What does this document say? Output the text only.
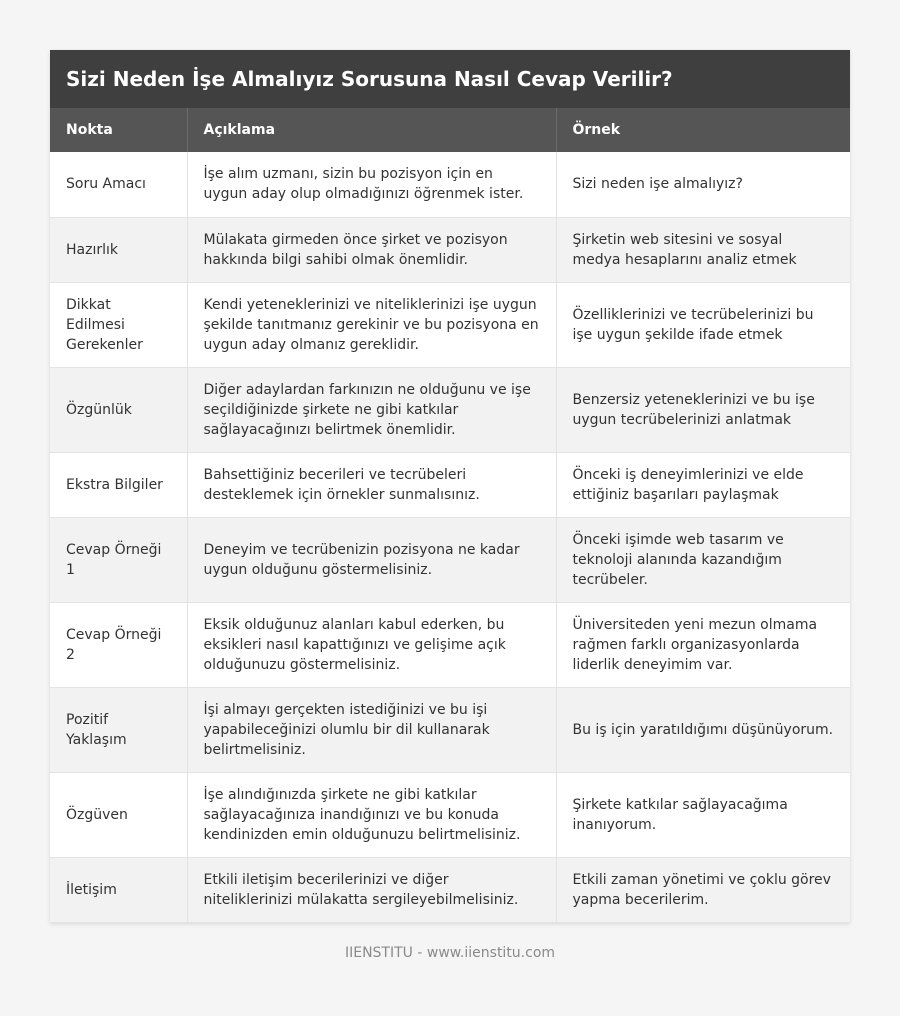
Sizi Neden İşe Almalıyız Sorusuna Nasıl Cevap Verilir?
Nokta	Açıklama	Örnek
Soru Amacı	İşe alım uzmanı, sizin bu pozisyon için en uygun aday olup olmadığınızı öğrenmek ister.	Sizi neden işe almalıyız?
Hazırlık	Mülakata girmeden önce şirket ve pozisyon hakkında bilgi sahibi olmak önemlidir.	Şirketin web sitesini ve sosyal medya hesaplarını analiz etmek
Dikkat Edilmesi Gerekenler	Kendi yeteneklerinizi ve niteliklerinizi işe uygun şekilde tanıtmanız gerekinir ve bu pozisyona en uygun aday olmanız gereklidir.	Özelliklerinizi ve tecrübelerinizi bu işe uygun şekilde ifade etmek
Özgünlük	Diğer adaylardan farkınızın ne olduğunu ve işe seçildiğinizde şirkete ne gibi katkılar sağlayacağınızı belirtmek önemlidir.	Benzersiz yeteneklerinizi ve bu işe uygun tecrübelerinizi anlatmak
Ekstra Bilgiler	Bahsettiğiniz becerileri ve tecrübeleri desteklemek için örnekler sunmalısınız.	Önceki iş deneyimlerinizi ve elde ettiğiniz başarıları paylaşmak
Cevap Örneği 1	Deneyim ve tecrübenizin pozisyona ne kadar uygun olduğunu göstermelisiniz.	Önceki işimde web tasarım ve teknoloji alanında kazandığım tecrübeler.
Cevap Örneği 2	Eksik olduğunuz alanları kabul ederken, bu eksikleri nasıl kapattığınızı ve gelişime açık olduğunuzu göstermelisiniz.	Üniversiteden yeni mezun olmama rağmen farklı organizasyonlarda liderlik deneyimim var.
Pozitif Yaklaşım	İşi almayı gerçekten istediğinizi ve bu işi yapabileceğinizi olumlu bir dil kullanarak belirtmelisiniz.	Bu iş için yaratıldığımı düşünüyorum.
Özgüven	İşe alındığınızda şirkete ne gibi katkılar sağlayacağınıza inandığınızı ve bu konuda kendinizden emin olduğunuzu belirtmelisiniz.	Şirkete katkılar sağlayacağıma inanıyorum.
İletişim	Etkili iletişim becerilerinizi ve diğer niteliklerinizi mülakatta sergileyebilmelisiniz.	Etkili zaman yönetimi ve çoklu görev yapma becerilerim.
IIENSTITU - www.iienstitu.com
